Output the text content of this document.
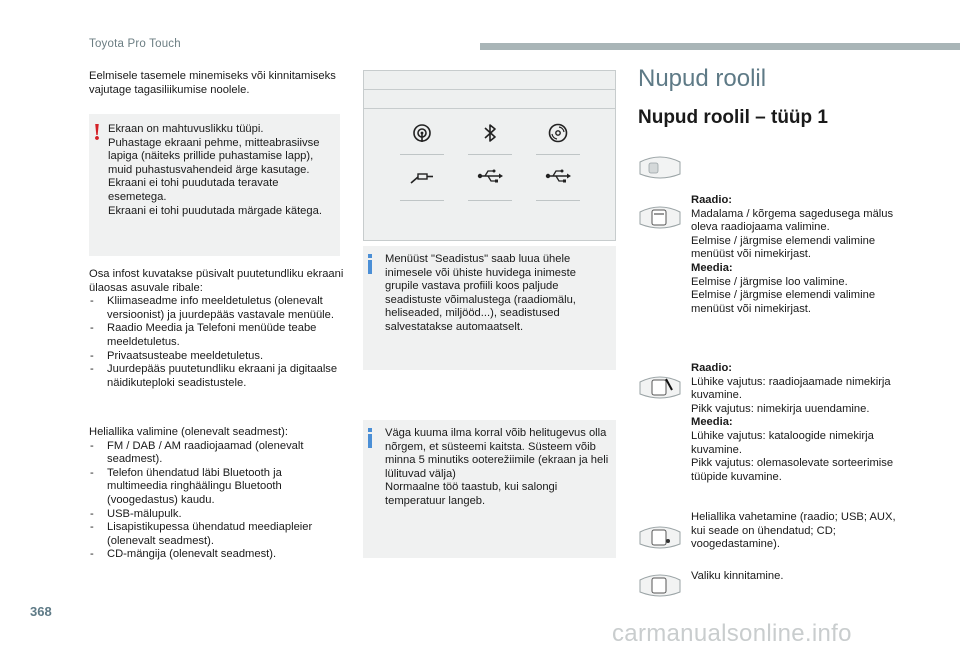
Toyota Pro Touch

Eelmisele tasemele minemiseks või kinnitamiseks vajutage tagasiliikumise noolele.

! Ekraan on mahtuvuslikku tüüpi.

Puhastage ekraani pehme, mitteabrasiivse lapiga (näiteks prillide puhastamise lapp), muid puhastusvahendeid ärge kasutage.

Ekraani ei tohi puudutada teravate esemetega.

Ekraani ei tohi puudutada märgade kätega.

Osa infost kuvatakse püsivalt puutetundliku ekraani ülaosas asuvale ribale:

- Kliimaseadme info meeldetuletus (olenevalt versioonist) ja juurdepääs vastavale menüüle.
- Raadio Meedia ja Telefoni menüüde teabe meeldetuletus.
- Privaatsusteabe meeldetuletus.
- Juurdepääs puutetundliku ekraani ja digitaalse näidikuteploki seadistustele.

Heliallika valimine (olenevalt seadmest):

- FM / DAB / AM raadiojaamad (olenevalt seadmest).
- Telefon ühendatud läbi Bluetooth ja multimeedia ringhäälingu Bluetooth (voogedastus) kaudu.
- USB-mälupulk.
- Lisapistikupessa ühendatud meediapleier (olenevalt seadmest).
- CD-mängija (olenevalt seadmest).

Menüüst "Seadistus" saab luua ühele inimesele või ühiste huvidega inimeste grupile vastava profiili koos paljude seadistuste võimalustega (raadiomälu, heliseaded, miljööd...), seadistused salvestatakse automaatselt.

Väga kuuma ilma korral võib helitugevus olla nõrgem, et süsteemi kaitsta. Süsteem võib minna 5 minutiks ooterežiimile (ekraan ja heli lülituvad välja)
Normaalne töö taastub, kui salongi temperatuur langeb.

Nupud roolil
Nupud roolil – tüüp 1

Raadio:

Madalama / kõrgema sagedusega mälus oleva raadiojaama valimine.
Eelmise / järgmise elemendi valimine menüüst või nimekirjast.

Meedia:

Eelmise / järgmise loo valimine.
Eelmise / järgmise elemendi valimine menüüst või nimekirjast.

Raadio:

Lühike vajutus: raadiojaamade nimekirja kuvamine.
Pikk vajutus: nimekirja uuendamine.

Meedia:

Lühike vajutus: kataloogide nimekirja kuvamine.
Pikk vajutus: olemasolevate sorteerimise tüüpide kuvamine.

Heliallika vahetamine (raadio; USB; AUX, kui seade on ühendatud; CD; voogedastamine).

Valiku kinnitamine.

368
carmanualsonline.info
